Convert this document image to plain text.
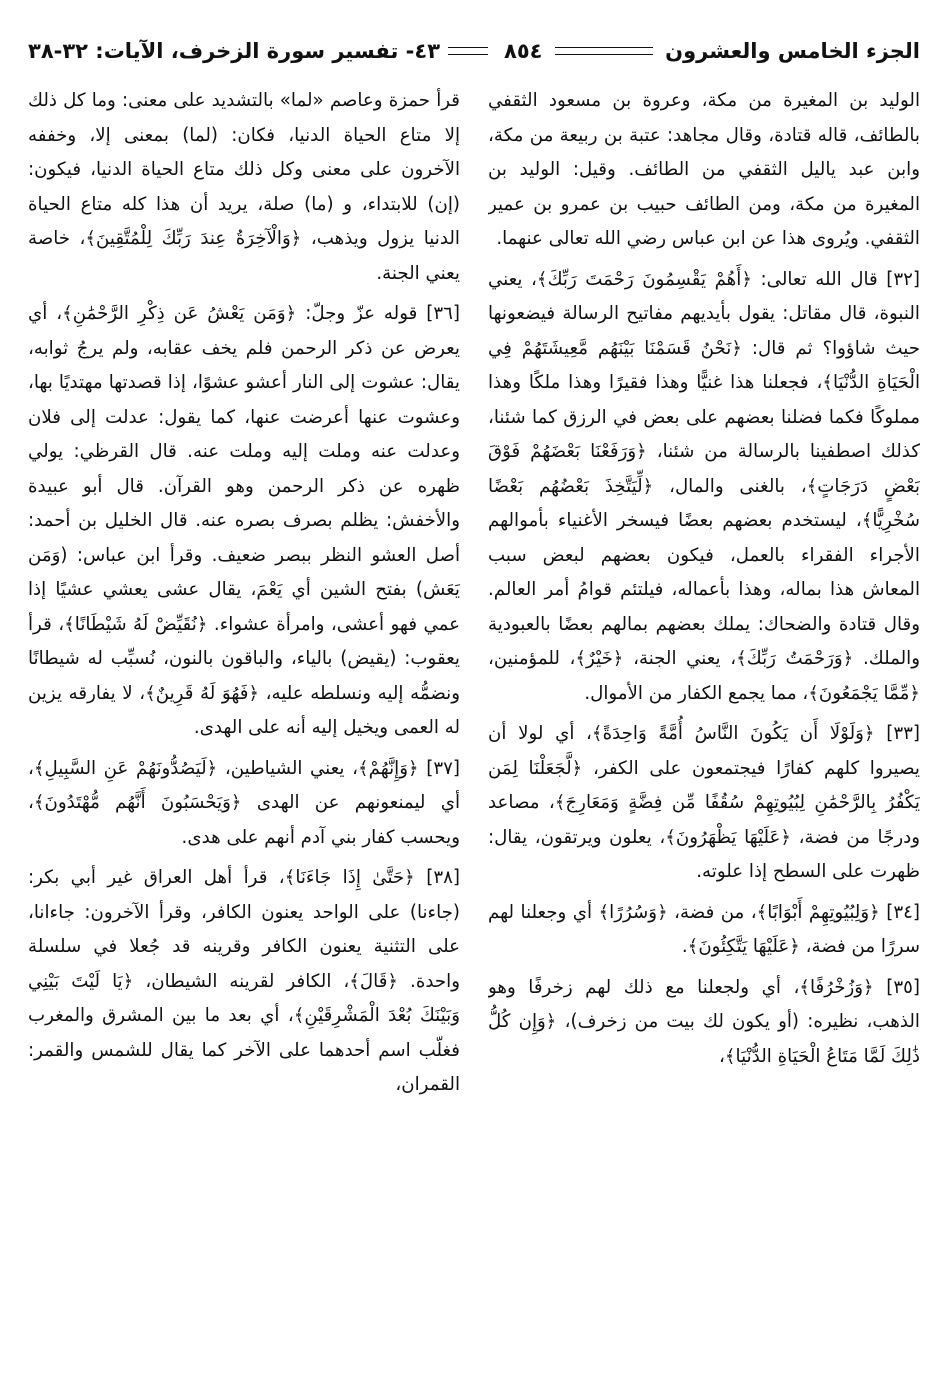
الجزء الخامس والعشرون
٨٥٤
٤٣- تفسير سورة الزخرف، الآيات: ٣٢-٣٨

الوليد بن المغيرة من مكة، وعروة بن مسعود الثقفي بالطائف، قاله قتادة، وقال مجاهد: عتبة بن ربيعة من مكة، وابن عبد ياليل الثقفي من الطائف. وقيل: الوليد بن المغيرة من مكة، ومن الطائف حبيب بن عمرو بن عمير الثقفي. ويُروى هذا عن ابن عباس رضي الله تعالى عنهما.

[٣٢] قال الله تعالى: ﴿أَهُمْ يَقْسِمُونَ رَحْمَتَ رَبِّكَ﴾، يعني النبوة، قال مقاتل: يقول بأيديهم مفاتيح الرسالة فيضعونها حيث شاؤوا؟ ثم قال: ﴿نَحْنُ قَسَمْنَا بَيْنَهُم مَّعِيشَتَهُمْ فِي الْحَيَاةِ الدُّنْيَا﴾، فجعلنا هذا غنيًّا وهذا فقيرًا وهذا ملكًا وهذا مملوكًا فكما فضلنا بعضهم على بعض في الرزق كما شئنا، كذلك اصطفينا بالرسالة من شئنا، ﴿وَرَفَعْنَا بَعْضَهُمْ فَوْقَ بَعْضٍ دَرَجَاتٍ﴾، بالغنى والمال، ﴿لِّيَتَّخِذَ بَعْضُهُم بَعْضًا سُخْرِيًّا﴾، ليستخدم بعضهم بعضًا فيسخر الأغنياء بأموالهم الأجراء الفقراء بالعمل، فيكون بعضهم لبعض سبب المعاش هذا بماله، وهذا بأعماله، فيلتئم قوامُ أمر العالم. وقال قتادة والضحاك: يملك بعضهم بمالهم بعضًا بالعبودية والملك. ﴿وَرَحْمَتُ رَبِّكَ﴾، يعني الجنة، ﴿خَيْرٌ﴾، للمؤمنين، ﴿مِّمَّا يَجْمَعُونَ﴾، مما يجمع الكفار من الأموال.

[٣٣] ﴿وَلَوْلَا أَن يَكُونَ النَّاسُ أُمَّةً وَاحِدَةً﴾، أي لولا أن يصيروا كلهم كفارًا فيجتمعون على الكفر، ﴿لَّجَعَلْنَا لِمَن يَكْفُرُ بِالرَّحْمَٰنِ لِبُيُوتِهِمْ سُقُفًا مِّن فِضَّةٍ وَمَعَارِجَ﴾، مصاعد ودرجًا من فضة، ﴿عَلَيْهَا يَظْهَرُونَ﴾، يعلون ويرتقون، يقال: ظهرت على السطح إذا علوته.

[٣٤] ﴿وَلِبُيُوتِهِمْ أَبْوَابًا﴾، من فضة، ﴿وَسُرُرًا﴾ أي وجعلنا لهم سررًا من فضة، ﴿عَلَيْهَا يَتَّكِئُونَ﴾.

[٣٥] ﴿وَزُخْرُفًا﴾، أي ولجعلنا مع ذلك لهم زخرفًا وهو الذهب، نظيره: (أو يكون لك بيت من زخرف)، ﴿وَإِن كُلُّ ذَٰلِكَ لَمَّا مَتَاعُ الْحَيَاةِ الدُّنْيَا﴾،

قرأ حمزة وعاصم «لما» بالتشديد على معنى: وما كل ذلك إلا متاع الحياة الدنيا، فكان: (لما) بمعنى إلا، وخففه الآخرون على معنى وكل ذلك متاع الحياة الدنيا، فيكون: (إن) للابتداء، و (ما) صلة، يريد أن هذا كله متاع الحياة الدنيا يزول ويذهب، ﴿وَالْآخِرَةُ عِندَ رَبِّكَ لِلْمُتَّقِينَ﴾، خاصة يعني الجنة.

[٣٦] قوله عزّ وجلّ: ﴿وَمَن يَعْشُ عَن ذِكْرِ الرَّحْمَٰنِ﴾، أي يعرض عن ذكر الرحمن فلم يخف عقابه، ولم يرجُ ثوابه، يقال: عشوت إلى النار أعشو عشوًا، إذا قصدتها مهتديًا بها، وعشوت عنها أعرضت عنها، كما يقول: عدلت إلى فلان وعدلت عنه وملت إليه وملت عنه. قال القرظي: يولي ظهره عن ذكر الرحمن وهو القرآن. قال أبو عبيدة والأخفش: يظلم بصرف بصره عنه. قال الخليل بن أحمد: أصل العشو النظر ببصر ضعيف. وقرأ ابن عباس: (وَمَن يَعَش) بفتح الشين أي يَعْمَ، يقال عشى يعشي عشيًا إذا عمي فهو أعشى، وامرأة عشواء. ﴿نُقَيِّضْ لَهُ شَيْطَانًا﴾، قرأ يعقوب: (يقيض) بالياء، والباقون بالنون، نُسبِّب له شيطانًا ونضمُّه إليه ونسلطه عليه، ﴿فَهُوَ لَهُ قَرِينٌ﴾، لا يفارقه يزين له العمى ويخيل إليه أنه على الهدى.

[٣٧] ﴿وَإِنَّهُمْ﴾، يعني الشياطين، ﴿لَيَصُدُّونَهُمْ عَنِ السَّبِيلِ﴾، أي ليمنعونهم عن الهدى ﴿وَيَحْسَبُونَ أَنَّهُم مُّهْتَدُونَ﴾، ويحسب كفار بني آدم أنهم على هدى.

[٣٨] ﴿حَتَّىٰ إِذَا جَاءَنَا﴾، قرأ أهل العراق غير أبي بكر: (جاءنا) على الواحد يعنون الكافر، وقرأ الآخرون: جاءانا، على التثنية يعنون الكافر وقرينه قد جُعلا في سلسلة واحدة. ﴿قَالَ﴾، الكافر لقرينه الشيطان، ﴿يَا لَيْتَ بَيْنِي وَبَيْنَكَ بُعْدَ الْمَشْرِقَيْنِ﴾، أي بعد ما بين المشرق والمغرب فغلّب اسم أحدهما على الآخر كما يقال للشمس والقمر: القمران،
